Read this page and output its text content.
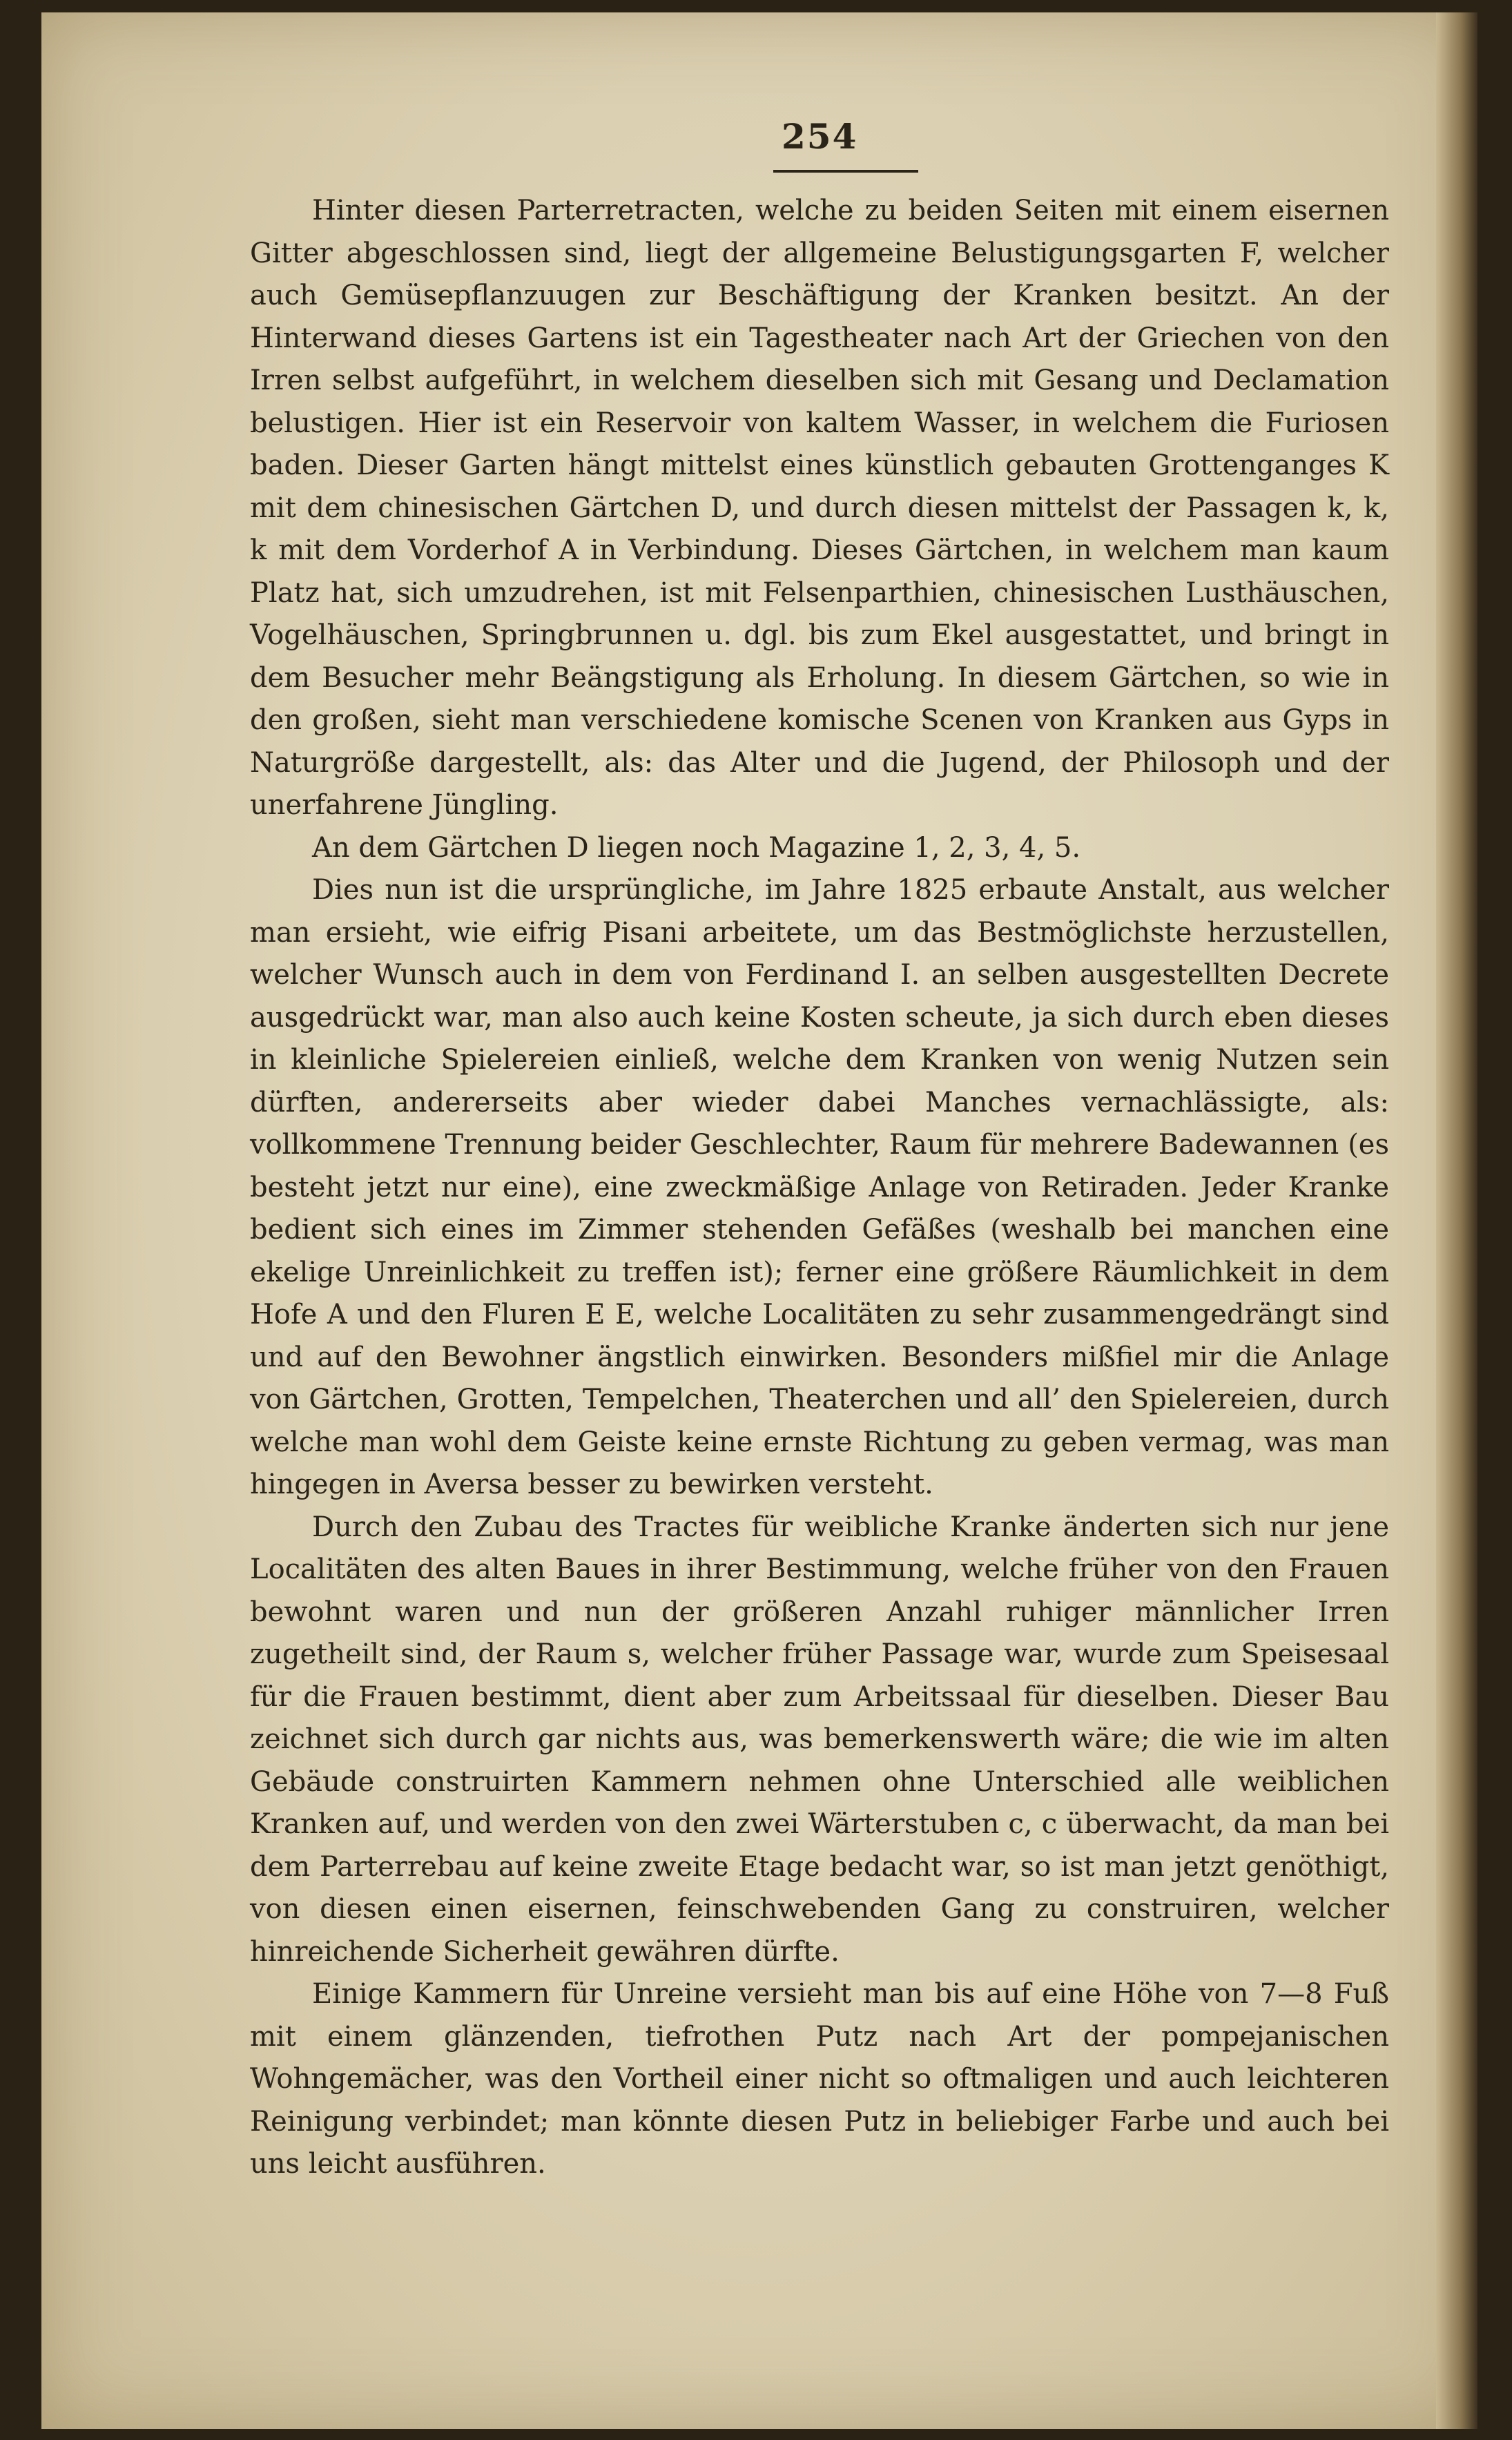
254

Hinter diesen Parterretracten, welche zu beiden Seiten mit einem eisernen Gitter abgeschlossen sind, liegt der allgemeine Belustigungsgarten F, welcher auch Gemüsepflanzuugen zur Beschäftigung der Kranken besitzt. An der Hinterwand dieses Gartens ist ein Tagestheater nach Art der Griechen von den Irren selbst aufgeführt, in welchem dieselben sich mit Gesang und Declamation belustigen. Hier ist ein Reservoir von kaltem Wasser, in welchem die Furiosen baden. Dieser Garten hängt mittelst eines künstlich gebauten Grottenganges K mit dem chinesischen Gärtchen D, und durch diesen mittelst der Passagen k, k, k mit dem Vorderhof A in Verbindung. Dieses Gärtchen, in welchem man kaum Platz hat, sich umzudrehen, ist mit Felsenparthien, chinesischen Lusthäuschen, Vogelhäuschen, Springbrunnen u. dgl. bis zum Ekel ausgestattet, und bringt in dem Besucher mehr Beängstigung als Erholung. In diesem Gärtchen, so wie in den großen, sieht man verschiedene komische Scenen von Kranken aus Gyps in Naturgröße dargestellt, als: das Alter und die Jugend, der Philosoph und der unerfahrene Jüngling.

An dem Gärtchen D liegen noch Magazine 1, 2, 3, 4, 5.

Dies nun ist die ursprüngliche, im Jahre 1825 erbaute Anstalt, aus welcher man ersieht, wie eifrig Pisani arbeitete, um das Bestmöglichste herzustellen, welcher Wunsch auch in dem von Ferdinand I. an selben ausgestellten Decrete ausgedrückt war, man also auch keine Kosten scheute, ja sich durch eben dieses in kleinliche Spielereien einließ, welche dem Kranken von wenig Nutzen sein dürften, andererseits aber wieder dabei Manches vernachlässigte, als: vollkommene Trennung beider Geschlechter, Raum für mehrere Badewannen (es besteht jetzt nur eine), eine zweckmäßige Anlage von Retiraden. Jeder Kranke bedient sich eines im Zimmer stehenden Gefäßes (weshalb bei manchen eine ekelige Unreinlichkeit zu treffen ist); ferner eine größere Räumlichkeit in dem Hofe A und den Fluren E E, welche Localitäten zu sehr zusammengedrängt sind und auf den Bewohner ängstlich einwirken. Besonders mißfiel mir die Anlage von Gärtchen, Grotten, Tempelchen, Theaterchen und all’ den Spielereien, durch welche man wohl dem Geiste keine ernste Richtung zu geben vermag, was man hingegen in Aversa besser zu bewirken versteht.

Durch den Zubau des Tractes für weibliche Kranke änderten sich nur jene Localitäten des alten Baues in ihrer Bestimmung, welche früher von den Frauen bewohnt waren und nun der größeren Anzahl ruhiger männlicher Irren zugetheilt sind, der Raum s, welcher früher Passage war, wurde zum Speisesaal für die Frauen bestimmt, dient aber zum Arbeitssaal für dieselben. Dieser Bau zeichnet sich durch gar nichts aus, was bemerkenswerth wäre; die wie im alten Gebäude construirten Kammern nehmen ohne Unterschied alle weiblichen Kranken auf, und werden von den zwei Wärterstuben c, c überwacht, da man bei dem Parterrebau auf keine zweite Etage bedacht war, so ist man jetzt genöthigt, von diesen einen eisernen, feinschwebenden Gang zu construiren, welcher hinreichende Sicherheit gewähren dürfte.

Einige Kammern für Unreine versieht man bis auf eine Höhe von 7—8 Fuß mit einem glänzenden, tiefrothen Putz nach Art der pompejanischen Wohngemächer, was den Vortheil einer nicht so oftmaligen und auch leichteren Reinigung verbindet; man könnte diesen Putz in beliebiger Farbe und auch bei uns leicht ausführen.
